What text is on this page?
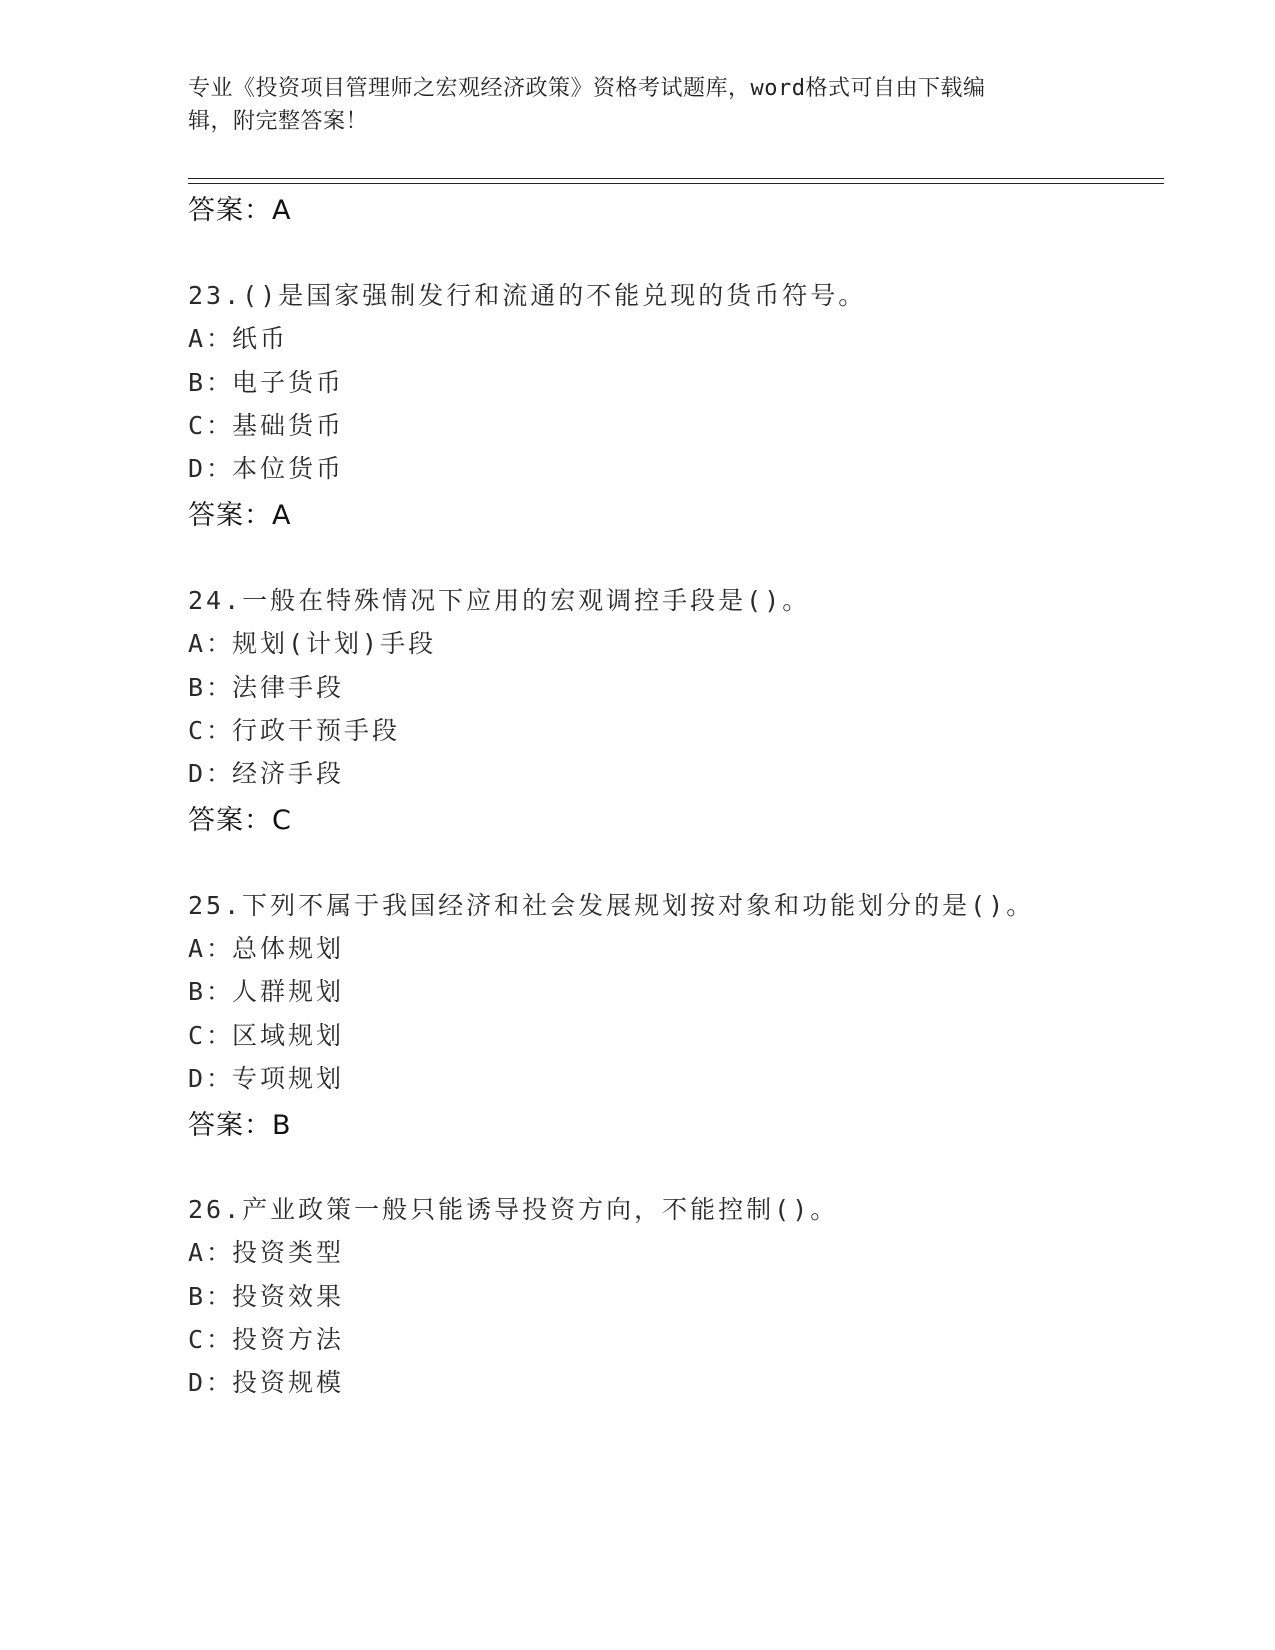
专业《投资项目管理师之宏观经济政策》资格考试题库，word格式可自由下载编
辑，附完整答案！
答案：A
23.()是国家强制发行和流通的不能兑现的货币符号。
A：纸币
B：电子货币
C：基础货币
D：本位货币
答案：A
24.一般在特殊情况下应用的宏观调控手段是()。
A：规划(计划)手段
B：法律手段
C：行政干预手段
D：经济手段
答案：C
25.下列不属于我国经济和社会发展规划按对象和功能划分的是()。
A：总体规划
B：人群规划
C：区域规划
D：专项规划
答案：B
26.产业政策一般只能诱导投资方向，不能控制()。
A：投资类型
B：投资效果
C：投资方法
D：投资规模
